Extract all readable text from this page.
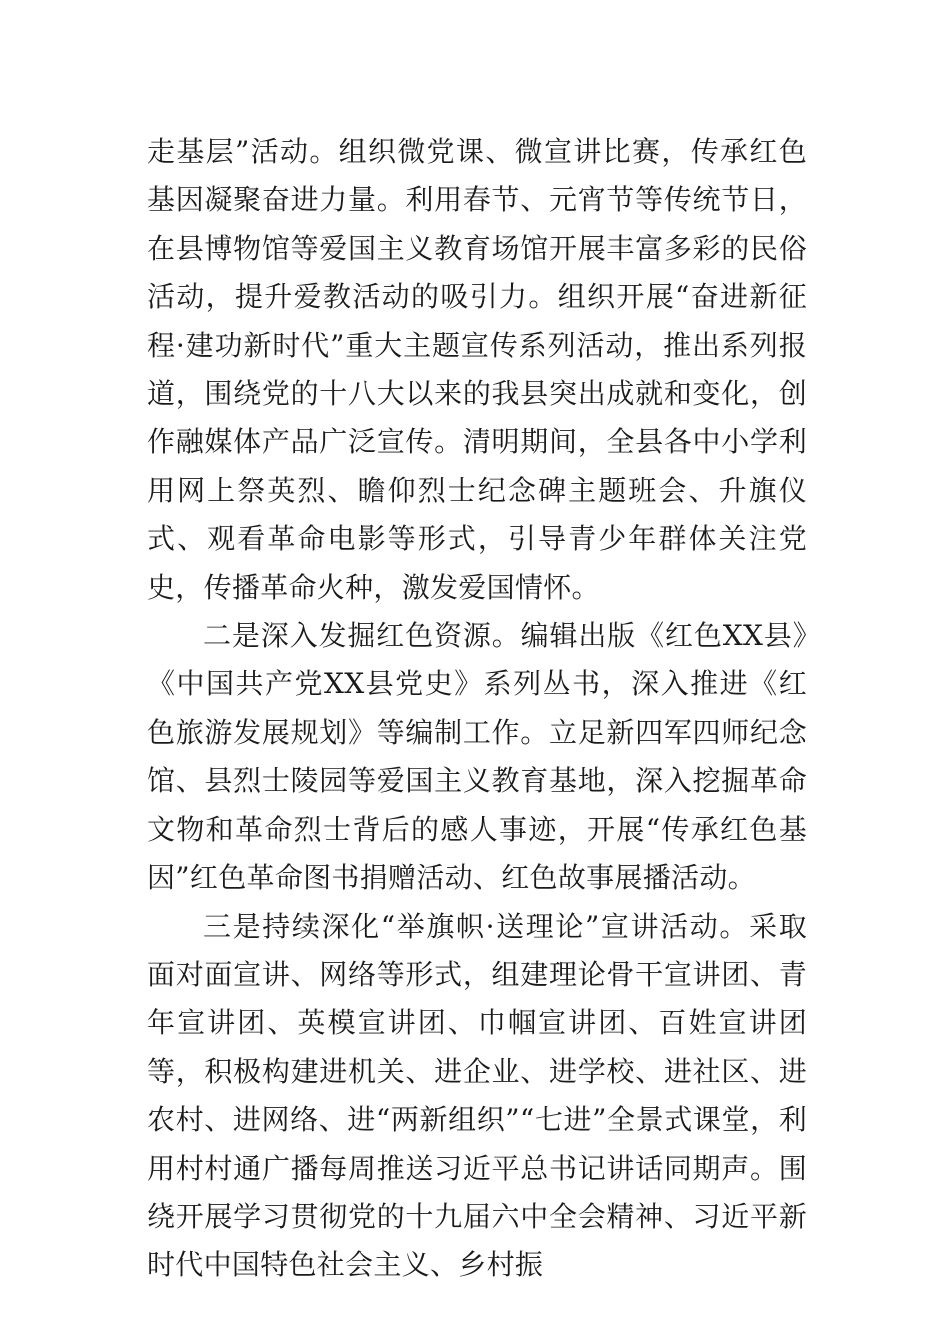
走基层”活动。组织微党课、微宣讲比赛，传承红色基因凝聚奋进力量。利用春节、元宵节等传统节日，在县博物馆等爱国主义教育场馆开展丰富多彩的民俗活动，提升爱教活动的吸引力。组织开展“奋进新征程·建功新时代”重大主题宣传系列活动，推出系列报道，围绕党的十八大以来的我县突出成就和变化，创作融媒体产品广泛宣传。清明期间，全县各中小学利用网上祭英烈、瞻仰烈士纪念碑主题班会、升旗仪式、观看革命电影等形式，引导青少年群体关注党史，传播革命火种，激发爱国情怀。

二是深入发掘红色资源。编辑出版《红色XX县》《中国共产党XX县党史》系列丛书，深入推进《红色旅游发展规划》等编制工作。立足新四军四师纪念馆、县烈士陵园等爱国主义教育基地，深入挖掘革命文物和革命烈士背后的感人事迹，开展“传承红色基因”红色革命图书捐赠活动、红色故事展播活动。

三是持续深化“举旗帜·送理论”宣讲活动。采取面对面宣讲、网络等形式，组建理论骨干宣讲团、青年宣讲团、英模宣讲团、巾帼宣讲团、百姓宣讲团等，积极构建进机关、进企业、进学校、进社区、进农村、进网络、进“两新组织”“七进”全景式课堂，利用村村通广播每周推送习近平总书记讲话同期声。围绕开展学习贯彻党的十九届六中全会精神、习近平新时代中国特色社会主义、乡村振
